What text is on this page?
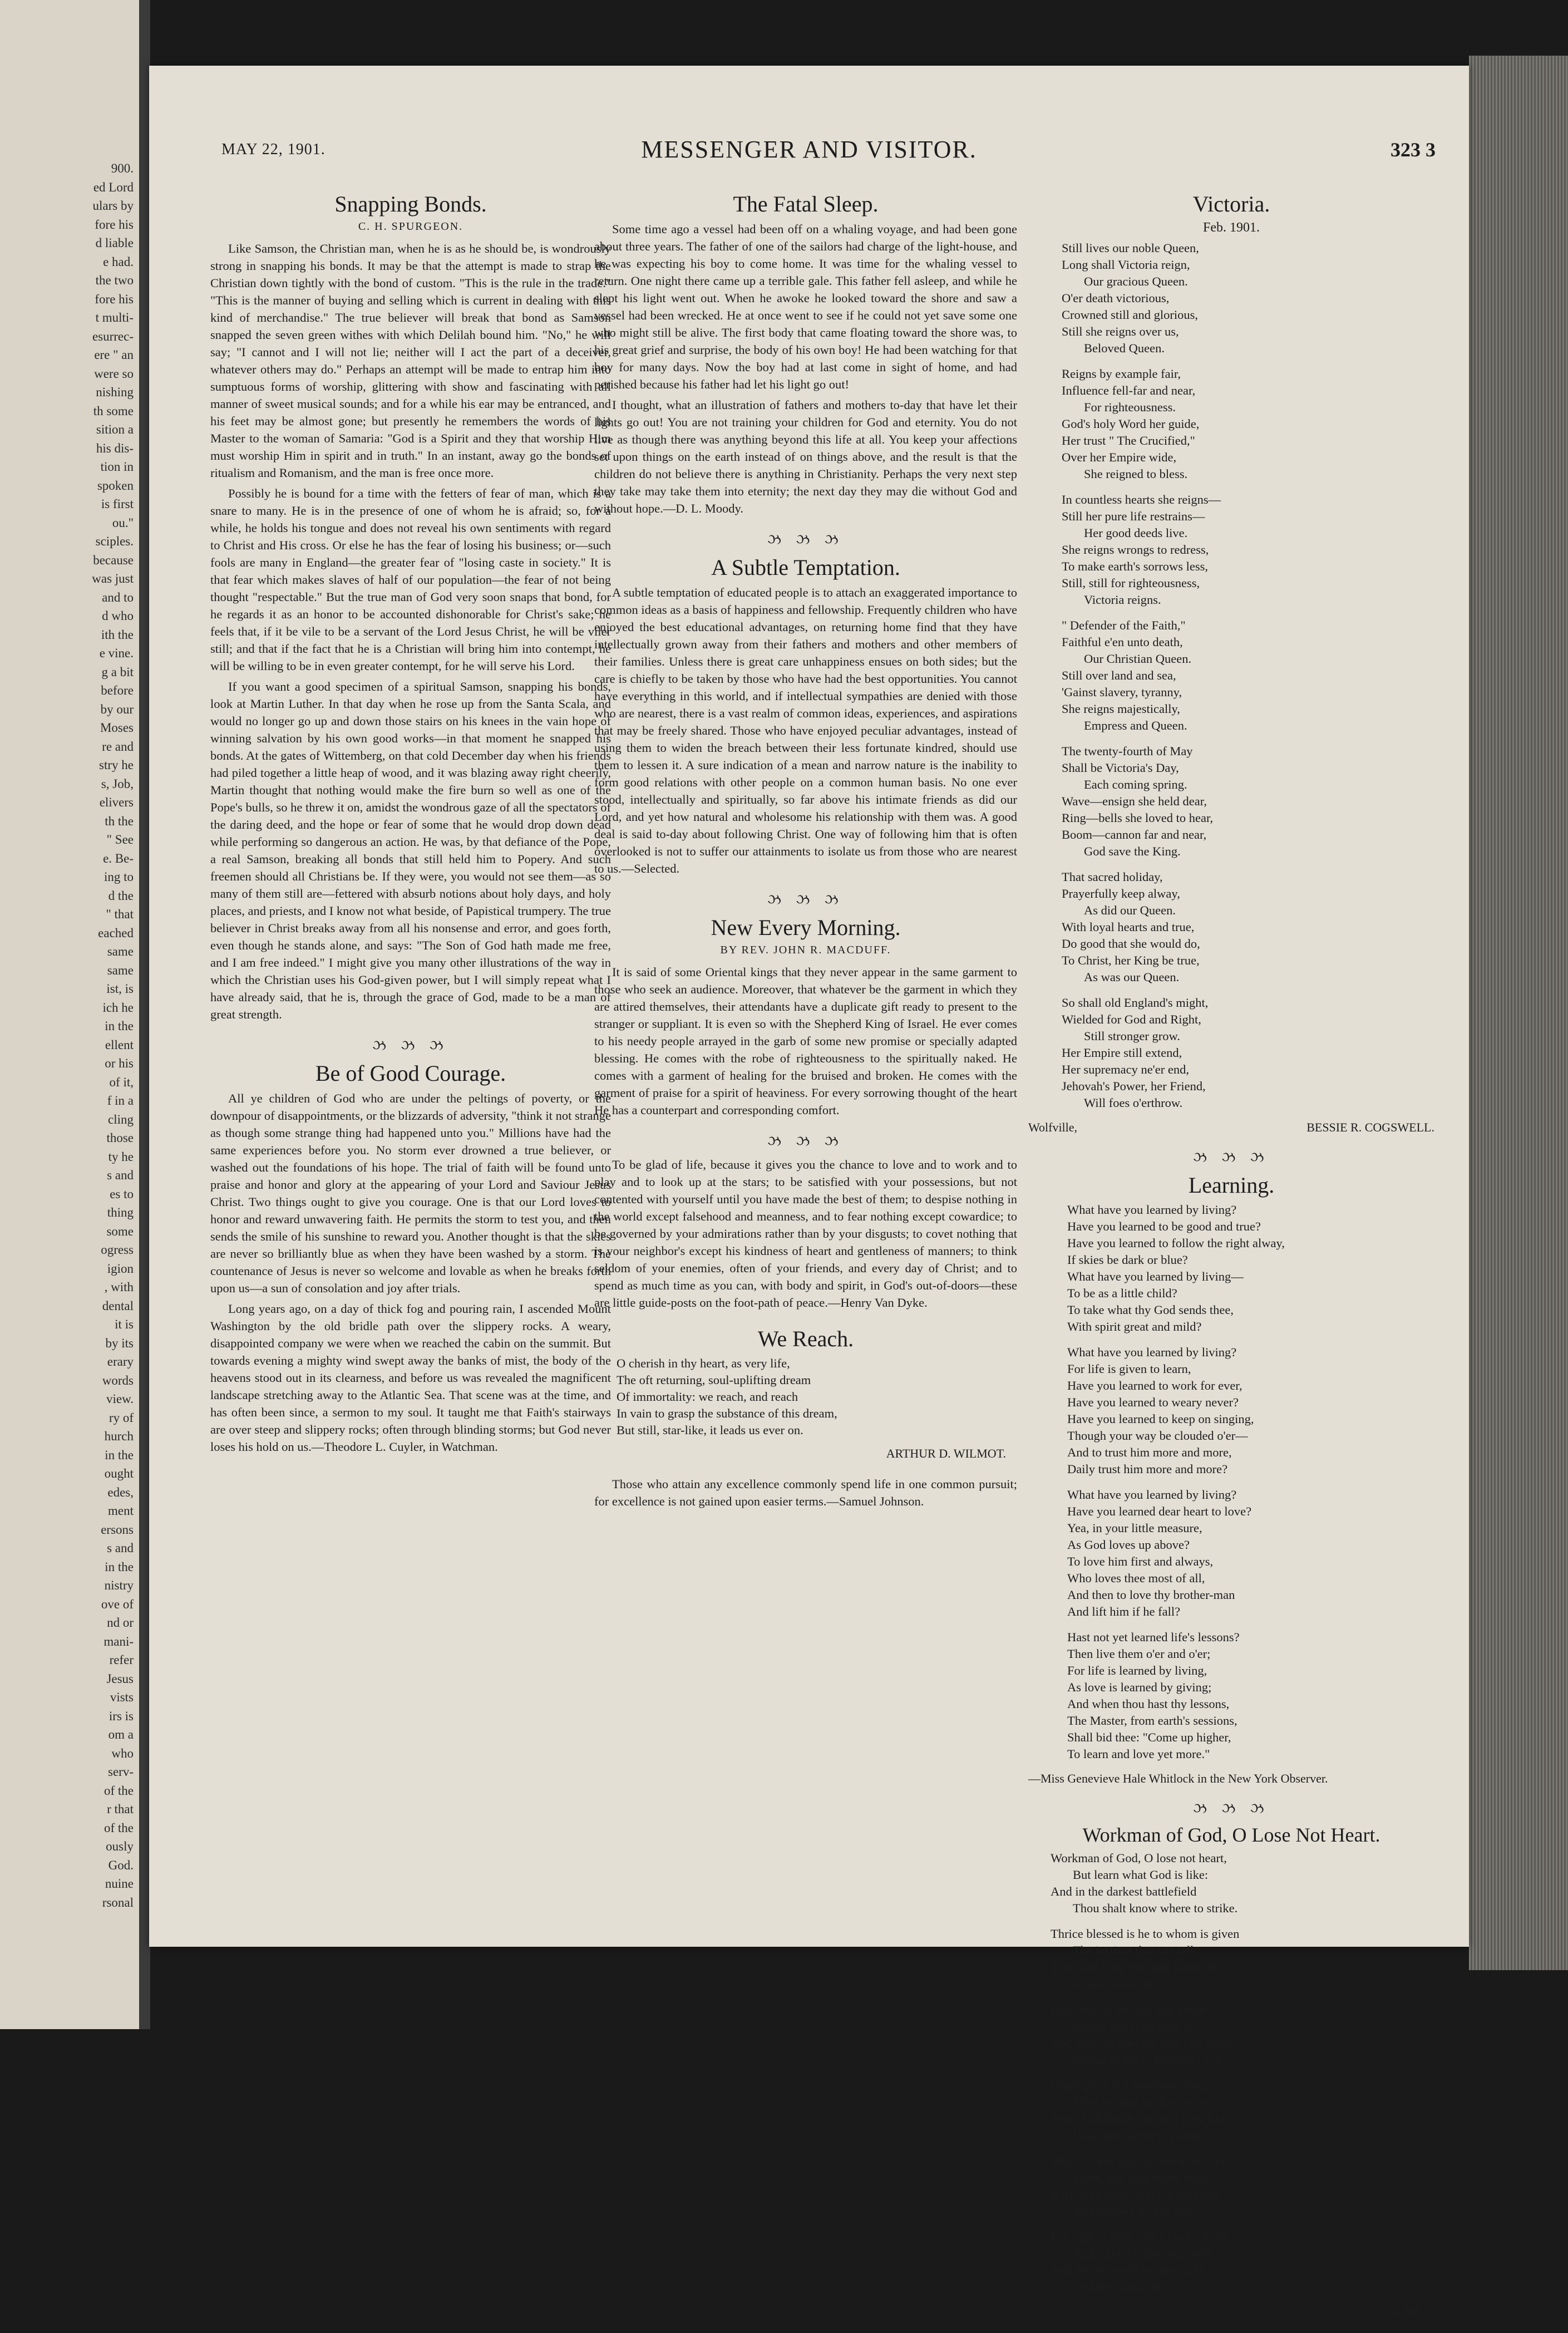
900.
ed Lord
ulars by
fore his
d liable
e had.
the two
fore his
t multi-
esurrec-
ere " an
were so
nishing
th some
sition a
his dis-
tion in
spoken
is first
ou."
sciples.
because
was just
and to
d who
ith the
e vine.
g a bit
before
by our
Moses
re and
stry he
s, Job,
elivers
th the
" See
e. Be-
ing to
d the
" that
eached
same
same
ist, is
ich he
in the
ellent
or his
of it,
f in a
cling
those
ty he
s and
es to
thing
some
ogress
igion
, with
dental
it is
by its
erary
words
view.
ry of
hurch
in the
ought
edes,
ment
ersons
s and
in the
nistry
ove of
nd or
mani-
refer
Jesus
vists
irs is
om a
who
serv-
of the
r that
of the
ously
God.
nuine
rsonal
MAY 22, 1901.	MESSENGER AND VISITOR.	323 3
Snapping Bonds.
C. H. SPURGEON.

Like Samson, the Christian man, when he is as he should be, is wondrously strong in snapping his bonds. It may be that the attempt is made to strap the Christian down tightly with the bond of custom. "This is the rule in the trade." "This is the manner of buying and selling which is current in dealing with this kind of merchandise." The true believer will break that bond as Samson snapped the seven green withes with which Delilah bound him. "No," he will say; "I cannot and I will not lie; neither will I act the part of a deceiver, whatever others may do." Perhaps an attempt will be made to entrap him into sumptuous forms of worship, glittering with show and fascinating with all manner of sweet musical sounds; and for a while his ear may be entranced, and his feet may be almost gone; but presently he remembers the words of his Master to the woman of Samaria: "God is a Spirit and they that worship Him must worship Him in spirit and in truth." In an instant, away go the bonds of ritualism and Romanism, and the man is free once more.

Possibly he is bound for a time with the fetters of fear of man, which is a snare to many. He is in the presence of one of whom he is afraid; so, for a while, he holds his tongue and does not reveal his own sentiments with regard to Christ and His cross. Or else he has the fear of losing his business; or—such fools are many in England—the greater fear of "losing caste in society." It is that fear which makes slaves of half of our population—the fear of not being thought "respectable." But the true man of God very soon snaps that bond, for he regards it as an honor to be accounted dishonorable for Christ's sake; he feels that, if it be vile to be a servant of the Lord Jesus Christ, he will be viler still; and that if the fact that he is a Christian will bring him into contempt, he will be willing to be in even greater contempt, for he will serve his Lord.

If you want a good specimen of a spiritual Samson, snapping his bonds, look at Martin Luther. In that day when he rose up from the Santa Scala, and would no longer go up and down those stairs on his knees in the vain hope of winning salvation by his own good works—in that moment he snapped his bonds. At the gates of Wittemberg, on that cold December day when his friends had piled together a little heap of wood, and it was blazing away right cheerily, Martin thought that nothing would make the fire burn so well as one of the Pope's bulls, so he threw it on, amidst the wondrous gaze of all the spectators of the daring deed, and the hope or fear of some that he would drop down dead while performing so dangerous an action. He was, by that defiance of the Pope, a real Samson, breaking all bonds that still held him to Popery. And such freemen should all Christians be. If they were, you would not see them—as so many of them still are—fettered with absurb notions about holy days, and holy places, and priests, and I know not what beside, of Papistical trumpery. The true believer in Christ breaks away from all his nonsense and error, and goes forth, even though he stands alone, and says: "The Son of God hath made me free, and I am free indeed." I might give you many other illustrations of the way in which the Christian uses his God-given power, but I will simply repeat what I have already said, that he is, through the grace of God, made to be a man of great strength.

ઝ ઝ ઝ
Be of Good Courage.

All ye children of God who are under the peltings of poverty, or the downpour of disappointments, or the blizzards of adversity, "think it not strange as though some strange thing had happened unto you." Millions have had the same experiences before you. No storm ever drowned a true believer, or washed out the foundations of his hope. The trial of faith will be found unto praise and honor and glory at the appearing of your Lord and Saviour Jesus Christ. Two things ought to give you courage. One is that our Lord loves to honor and reward unwavering faith. He permits the storm to test you, and then sends the smile of his sunshine to reward you. Another thought is that the skies are never so brilliantly blue as when they have been washed by a storm. The countenance of Jesus is never so welcome and lovable as when he breaks forth upon us—a sun of consolation and joy after trials.

Long years ago, on a day of thick fog and pouring rain, I ascended Mount Washington by the old bridle path over the slippery rocks. A weary, disappointed company we were when we reached the cabin on the summit. But towards evening a mighty wind swept away the banks of mist, the body of the heavens stood out in its clearness, and before us was revealed the magnificent landscape stretching away to the Atlantic Sea. That scene was at the time, and has often been since, a sermon to my soul. It taught me that Faith's stairways are over steep and slippery rocks; often through blinding storms; but God never loses his hold on us.—Theodore L. Cuyler, in Watchman.

The Fatal Sleep.

Some time ago a vessel had been off on a whaling voyage, and had been gone about three years. The father of one of the sailors had charge of the light-house, and he was expecting his boy to come home. It was time for the whaling vessel to return. One night there came up a terrible gale. This father fell asleep, and while he slept his light went out. When he awoke he looked toward the shore and saw a vessel had been wrecked. He at once went to see if he could not yet save some one who might still be alive. The first body that came floating toward the shore was, to his great grief and surprise, the body of his own boy! He had been watching for that boy for many days. Now the boy had at last come in sight of home, and had perished because his father had let his light go out!

I thought, what an illustration of fathers and mothers to-day that have let their lights go out! You are not training your children for God and eternity. You do not live as though there was anything beyond this life at all. You keep your affections set upon things on the earth instead of on things above, and the result is that the children do not believe there is anything in Christianity. Perhaps the very next step they take may take them into eternity; the next day they may die without God and without hope.—D. L. Moody.

ઝ ઝ ઝ
A Subtle Temptation.

A subtle temptation of educated people is to attach an exaggerated importance to common ideas as a basis of happiness and fellowship. Frequently children who have enjoyed the best educational advantages, on returning home find that they have intellectually grown away from their fathers and mothers and other members of their families. Unless there is great care unhappiness ensues on both sides; but the care is chiefly to be taken by those who have had the best opportunities. You cannot have everything in this world, and if intellectual sympathies are denied with those who are nearest, there is a vast realm of common ideas, experiences, and aspirations that may be freely shared. Those who have enjoyed peculiar advantages, instead of using them to widen the breach between their less fortunate kindred, should use them to lessen it. A sure indication of a mean and narrow nature is the inability to form good relations with other people on a common human basis. No one ever stood, intellectually and spiritually, so far above his intimate friends as did our Lord, and yet how natural and wholesome his relationship with them was. A good deal is said to-day about following Christ. One way of following him that is often overlooked is not to suffer our attainments to isolate us from those who are nearest to us.—Selected.

ઝ ઝ ઝ
New Every Morning.
BY REV. JOHN R. MACDUFF.

It is said of some Oriental kings that they never appear in the same garment to those who seek an audience. Moreover, that whatever be the garment in which they are attired themselves, their attendants have a duplicate gift ready to present to the stranger or suppliant. It is even so with the Shepherd King of Israel. He ever comes to his needy people arrayed in the garb of some new promise or specially adapted blessing. He comes with the robe of righteousness to the spiritually naked. He comes with a garment of healing for the bruised and broken. He comes with the garment of praise for a spirit of heaviness. For every sorrowing thought of the heart He has a counterpart and corresponding comfort.

ઝ ઝ ઝ

To be glad of life, because it gives you the chance to love and to work and to play and to look up at the stars; to be satisfied with your possessions, but not contented with yourself until you have made the best of them; to despise nothing in the world except falsehood and meanness, and to fear nothing except cowardice; to be governed by your admirations rather than by your disgusts; to covet nothing that is your neighbor's except his kindness of heart and gentleness of manners; to think seldom of your enemies, often of your friends, and every day of Christ; and to spend as much time as you can, with body and spirit, in God's out-of-doors—these are little guide-posts on the foot-path of peace.—Henry Van Dyke.

We Reach.
O cherish in thy heart, as very life,
The oft returning, soul-uplifting dream
Of immortality: we reach, and reach
In vain to grasp the substance of this dream,
But still, star-like, it leads us ever on.
ARTHUR D. WILMOT.

Those who attain any excellence commonly spend life in one common pursuit; for excellence is not gained upon easier terms.—Samuel Johnson.

Victoria.
Feb. 1901.
Still lives our noble Queen,
Long shall Victoria reign,
Our gracious Queen.
O'er death victorious,
Crowned still and glorious,
Still she reigns over us,
Beloved Queen.
Reigns by example fair,
Influence fell-far and near,
For righteousness.
God's holy Word her guide,
Her trust " The Crucified,"
Over her Empire wide,
She reigned to bless.
In countless hearts she reigns—
Still her pure life restrains—
Her good deeds live.
She reigns wrongs to redress,
To make earth's sorrows less,
Still, still for righteousness,
Victoria reigns.
" Defender of the Faith,"
Faithful e'en unto death,
Our Christian Queen.
Still over land and sea,
'Gainst slavery, tyranny,
She reigns majestically,
Empress and Queen.
The twenty-fourth of May
Shall be Victoria's Day,
Each coming spring.
Wave—ensign she held dear,
Ring—bells she loved to hear,
Boom—cannon far and near,
God save the King.
That sacred holiday,
Prayerfully keep alway,
As did our Queen.
With loyal hearts and true,
Do good that she would do,
To Christ, her King be true,
As was our Queen.
So shall old England's might,
Wielded for God and Right,
Still stronger grow.
Her Empire still extend,
Her supremacy ne'er end,
Jehovah's Power, her Friend,
Will foes o'erthrow.
Wolfville,	BESSIE R. COGSWELL.
ઝ ઝ ઝ
Learning.
What have you learned by living?
Have you learned to be good and true?
Have you learned to follow the right alway,
If skies be dark or blue?
What have you learned by living—
To be as a little child?
To take what thy God sends thee,
With spirit great and mild?
What have you learned by living?
For life is given to learn,
Have you learned to work for ever,
Have you learned to weary never?
Have you learned to keep on singing,
Though your way be clouded o'er—
And to trust him more and more,
Daily trust him more and more?
What have you learned by living?
Have you learned dear heart to love?
Yea, in your little measure,
As God loves up above?
To love him first and always,
Who loves thee most of all,
And then to love thy brother-man
And lift him if he fall?
Hast not yet learned life's lessons?
Then live them o'er and o'er;
For life is learned by living,
As love is learned by giving;
And when thou hast thy lessons,
The Master, from earth's sessions,
Shall bid thee: "Come up higher,
To learn and love yet more."
—Miss Genevieve Hale Whitlock in the New York Observer.
ઝ ઝ ઝ
Workman of God, O Lose Not Heart.
Workman of God, O lose not heart,
But learn what God is like:
And in the darkest battlefield
Thou shalt know where to strike.
Thrice blessed is he to whom is given
The instinct that can tell
That God is on the field when He
Is most invisible.
Blest, too, is he who can divine
Where real right doth lie,
And dares to take the side that seems
Wrong to man's blindfold eye.
God's glory is a wondrous thing,
Most strange in all its ways:
And of all things on earth least like
What men agree to praise.
Muse on His justice, downcast soul,
Muse, and take better heart:
Back with thine angel to the field,
And bravely do thy part.
For right is right, since God is God;
And right the day must win;
And doubt would be disloyalty,
To falter would be sin.
—Sel.
